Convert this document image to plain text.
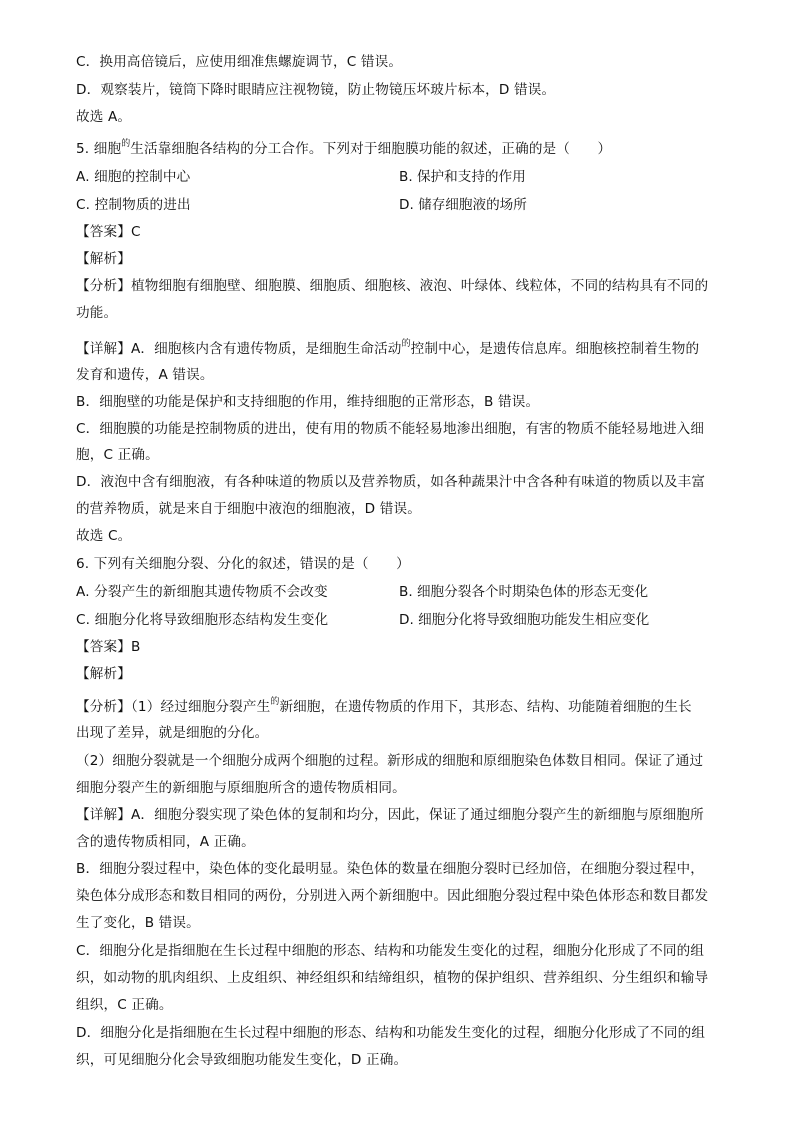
C．换用高倍镜后，应使用细准焦螺旋调节，C 错误。
D．观察装片，镜筒下降时眼睛应注视物镜，防止物镜压坏玻片标本，D 错误。
故选 A。
5. 细胞$^的$生活靠细胞各结构的分工合作。下列对于细胞膜功能的叙述，正确的是（　　）
A. 细胞的控制中心	B. 保护和支持的作用
C. 控制物质的进出	D. 储存细胞液的场所
【答案】C
【解析】
【分析】植物细胞有细胞壁、细胞膜、细胞质、细胞核、液泡、叶绿体、线粒体，不同的结构具有不同的
功能。
【详解】A．细胞核内含有遗传物质，是细胞生命活动$^的$控制中心，是遗传信息库。细胞核控制着生物的
发育和遗传，A 错误。
B．细胞壁的功能是保护和支持细胞的作用，维持细胞的正常形态，B 错误。
C．细胞膜的功能是控制物质的进出，使有用的物质不能轻易地渗出细胞，有害的物质不能轻易地进入细
胞，C 正确。
D．液泡中含有细胞液，有各种味道的物质以及营养物质，如各种蔬果汁中含各种有味道的物质以及丰富
的营养物质，就是来自于细胞中液泡的细胞液，D 错误。
故选 C。
6. 下列有关细胞分裂、分化的叙述，错误的是（　　）
A. 分裂产生的新细胞其遗传物质不会改变	B. 细胞分裂各个时期染色体的形态无变化
C. 细胞分化将导致细胞形态结构发生变化	D. 细胞分化将导致细胞功能发生相应变化
【答案】B
【解析】
【分析】（1）经过细胞分裂产生$^的$新细胞，在遗传物质的作用下，其形态、结构、功能随着细胞的生长
出现了差异，就是细胞的分化。
（2）细胞分裂就是一个细胞分成两个细胞的过程。新形成的细胞和原细胞染色体数目相同。保证了通过
细胞分裂产生的新细胞与原细胞所含的遗传物质相同。
【详解】A．细胞分裂实现了染色体的复制和均分，因此，保证了通过细胞分裂产生的新细胞与原细胞所
含的遗传物质相同，A 正确。
B．细胞分裂过程中，染色体的变化最明显。染色体的数量在细胞分裂时已经加倍，在细胞分裂过程中，
染色体分成形态和数目相同的两份，分别进入两个新细胞中。因此细胞分裂过程中染色体形态和数目都发
生了变化，B 错误。
C．细胞分化是指细胞在生长过程中细胞的形态、结构和功能发生变化的过程，细胞分化形成了不同的组
织，如动物的肌肉组织、上皮组织、神经组织和结缔组织，植物的保护组织、营养组织、分生组织和输导
组织，C 正确。
D．细胞分化是指细胞在生长过程中细胞的形态、结构和功能发生变化的过程，细胞分化形成了不同的组
织，可见细胞分化会导致细胞功能发生变化，D 正确。
